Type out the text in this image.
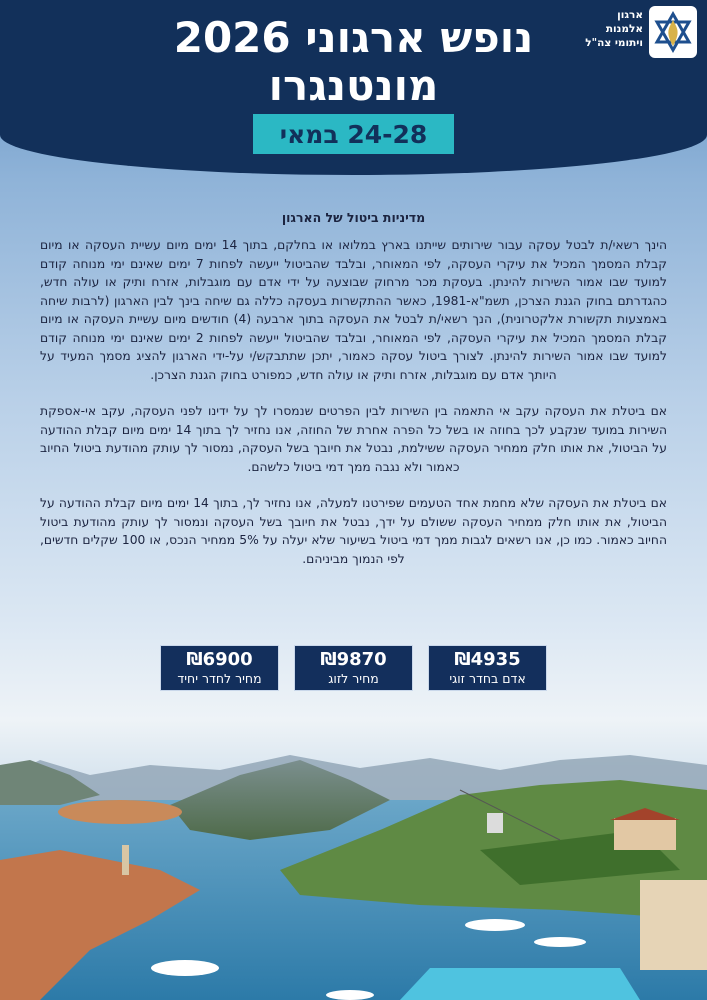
נופש ארגוני 2026
מונטנגרו
24-28 במאי
ארגון
אלמנות
ויתומי צה"ל
מדיניות ביטול של הארגון

הינך רשאי/ת לבטל עסקה עבור שירותים שייתנו בארץ במלואו או בחלקם, בתוך 14 ימים מיום עשיית העסקה או מיום קבלת המסמך המכיל את עיקרי העסקה, לפי המאוחר, ובלבד שהביטול ייעשה לפחות 7 ימים שאינם ימי מנוחה קודם למועד שבו אמור השירות להינתן. בעסקת מכר מרחוק שבוצעה על ידי אדם עם מוגבלות, אזרח ותיק או עולה חדש, כהגדרתם בחוק הגנת הצרכן, תשמ"א-1981, כאשר ההתקשרות בעסקה כללה גם שיחה בינך לבין הארגון (לרבות שיחה באמצעות תקשורת אלקטרונית), הנך רשאי/ת לבטל את העסקה בתוך ארבעה (4) חודשים מיום עשיית העסקה או מיום קבלת המסמך המכיל את עיקרי העסקה, לפי המאוחר, ובלבד שהביטול ייעשה לפחות 2 ימים שאינם ימי מנוחה קודם למועד שבו אמור השירות להינתן. לצורך ביטול עסקה כאמור, יתכן שתתבקש/י על-ידי הארגון להציג מסמך המעיד על היותך אדם עם מוגבלות, אזרח ותיק או עולה חדש, כמפורט בחוק הגנת הצרכן.

אם ביטלת את העסקה עקב אי התאמה בין השירות לבין הפרטים שנמסרו לך על ידינו לפני העסקה, עקב אי-אספקת השירות במועד שנקבע לכך בחוזה או בשל כל הפרה אחרת של החוזה, אנו נחזיר לך בתוך 14 ימים מיום קבלת ההודעה על הביטול, את אותו חלק ממחיר העסקה ששילמת, נבטל את חיובך בשל העסקה, נמסור לך עותק מהודעת ביטול החיוב כאמור ולא נגבה ממך דמי ביטול כלשהם.

אם ביטלת את העסקה שלא מחמת אחד הטעמים שפירטנו למעלה, אנו נחזיר לך, בתוך 14 ימים מיום קבלת ההודעה על הביטול, את אותו חלק ממחיר העסקה ששולם על ידך, נבטל את חיובך בשל העסקה ונמסור לך עותק מהודעת ביטול החיוב כאמור. כמו כן, אנו רשאים לגבות ממך דמי ביטול בשיעור שלא יעלה על 5% ממחיר הנכס, או 100 שקלים חדשים, לפי הנמוך מביניהם.

₪4935
אדם בחדר זוגי
₪9870
מחיר לזוג
₪6900
מחיר לחדר יחיד
